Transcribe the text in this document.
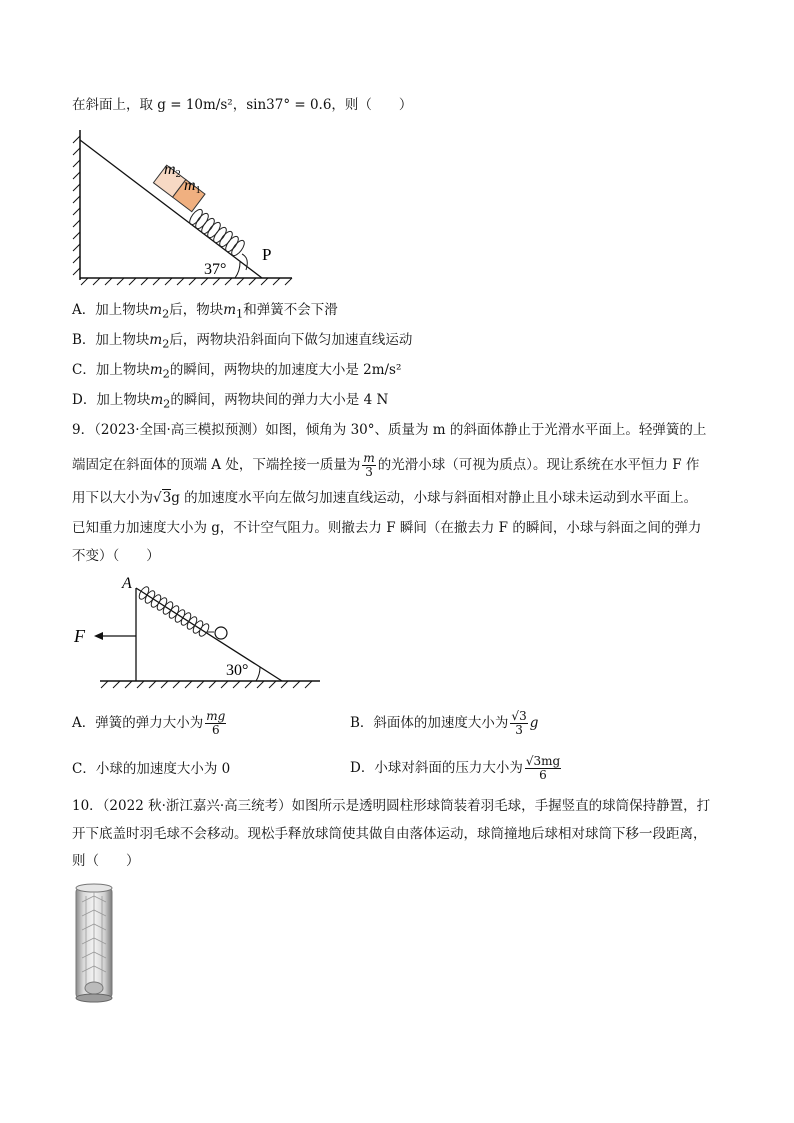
在斜面上，取 g = 10m/s²，sin37° = 0.6，则（　　）
m2
m1
37°
P
A．加上物块$m_2$后，物块$m_1$和弹簧不会下滑
B．加上物块$m_2$后，两物块沿斜面向下做匀加速直线运动
C．加上物块$m_2$的瞬间，两物块的加速度大小是 2m/s²
D．加上物块$m_2$的瞬间，两物块间的弹力大小是 4 N
9．（2023·全国·高三模拟预测）如图，倾角为 30°、质量为 m 的斜面体静止于光滑水平面上。轻弹簧的上
端固定在斜面体的顶端 A 处，下端拴接一质量为 $\frac{m}{3}$ 的光滑小球（可视为质点）。现让系统在水平恒力 F 作
用下以大小为√3g 的加速度水平向左做匀加速直线运动，小球与斜面相对静止且小球未运动到水平面上。
已知重力加速度大小为 g，不计空气阻力。则撤去力 F 瞬间（在撤去力 F 的瞬间，小球与斜面之间的弹力
不变）（　　）
A
F
30°
A．弹簧的弹力大小为 $\frac{mg}{6}$	B．斜面体的加速度大小为 $\frac{√3}{3}$ g
C．小球的加速度大小为 0	D．小球对斜面的压力大小为 $\frac{√3mg}{6}$
10．（2022 秋·浙江嘉兴·高三统考）如图所示是透明圆柱形球筒装着羽毛球，手握竖直的球筒保持静置，打
开下底盖时羽毛球不会移动。现松手释放球筒使其做自由落体运动，球筒撞地后球相对球筒下移一段距离，
则（　　）
